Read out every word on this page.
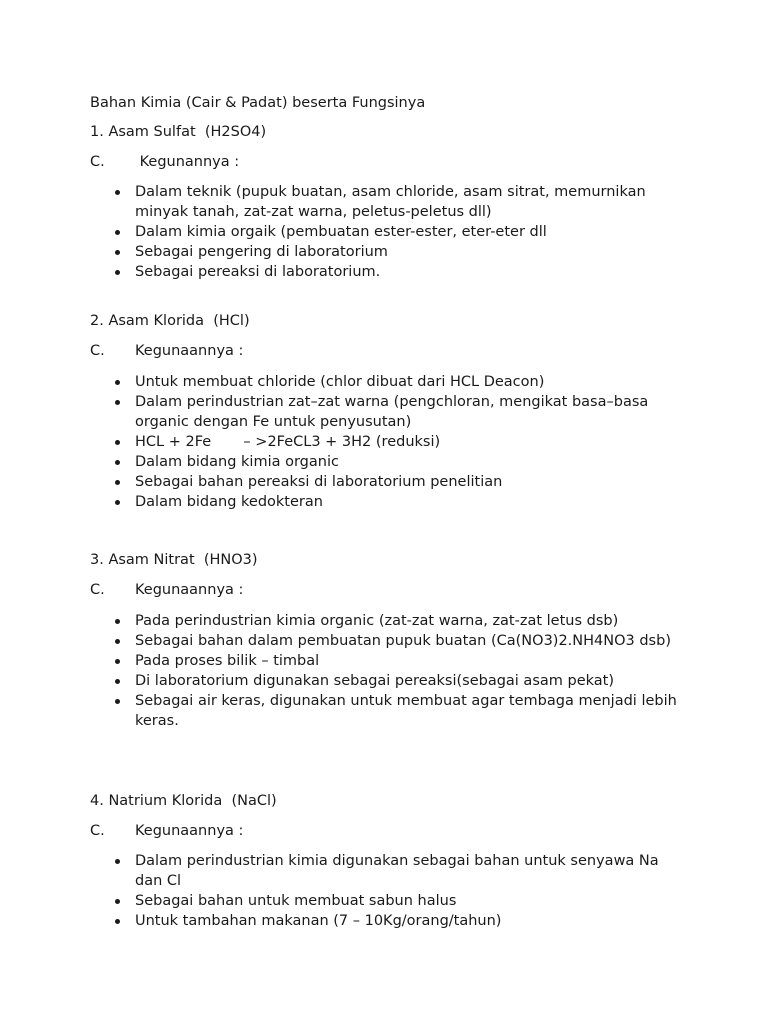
Bahan Kimia (Cair & Padat) beserta Fungsinya

1. Asam Sulfat  (H2SO4)

C. Kegunannya :

Dalam teknik (pupuk buatan, asam chloride, asam sitrat, memurnikan minyak tanah, zat-zat warna, peletus-peletus dll)
Dalam kimia orgaik (pembuatan ester-ester, eter-eter dll
Sebagai pengering di laboratorium
Sebagai pereaksi di laboratorium.

2. Asam Klorida  (HCl)

C. Kegunaannya :

Untuk membuat chloride (chlor dibuat dari HCL Deacon)
Dalam perindustrian zat–zat warna (pengchloran, mengikat basa–basa organic dengan Fe untuk penyusutan)
HCL + 2Fe       – >2FeCL3 + 3H2 (reduksi)
Dalam bidang kimia organic
Sebagai bahan pereaksi di laboratorium penelitian
Dalam bidang kedokteran

3. Asam Nitrat  (HNO3)

C. Kegunaannya :

Pada perindustrian kimia organic (zat-zat warna, zat-zat letus dsb)
Sebagai bahan dalam pembuatan pupuk buatan (Ca(NO3)2.NH4NO3 dsb)
Pada proses bilik – timbal
Di laboratorium digunakan sebagai pereaksi(sebagai asam pekat)
Sebagai air keras, digunakan untuk membuat agar tembaga menjadi lebih keras.

4. Natrium Klorida  (NaCl)

C. Kegunaannya :

Dalam perindustrian kimia digunakan sebagai bahan untuk senyawa Na dan Cl
Sebagai bahan untuk membuat sabun halus
Untuk tambahan makanan (7 – 10Kg/orang/tahun)
